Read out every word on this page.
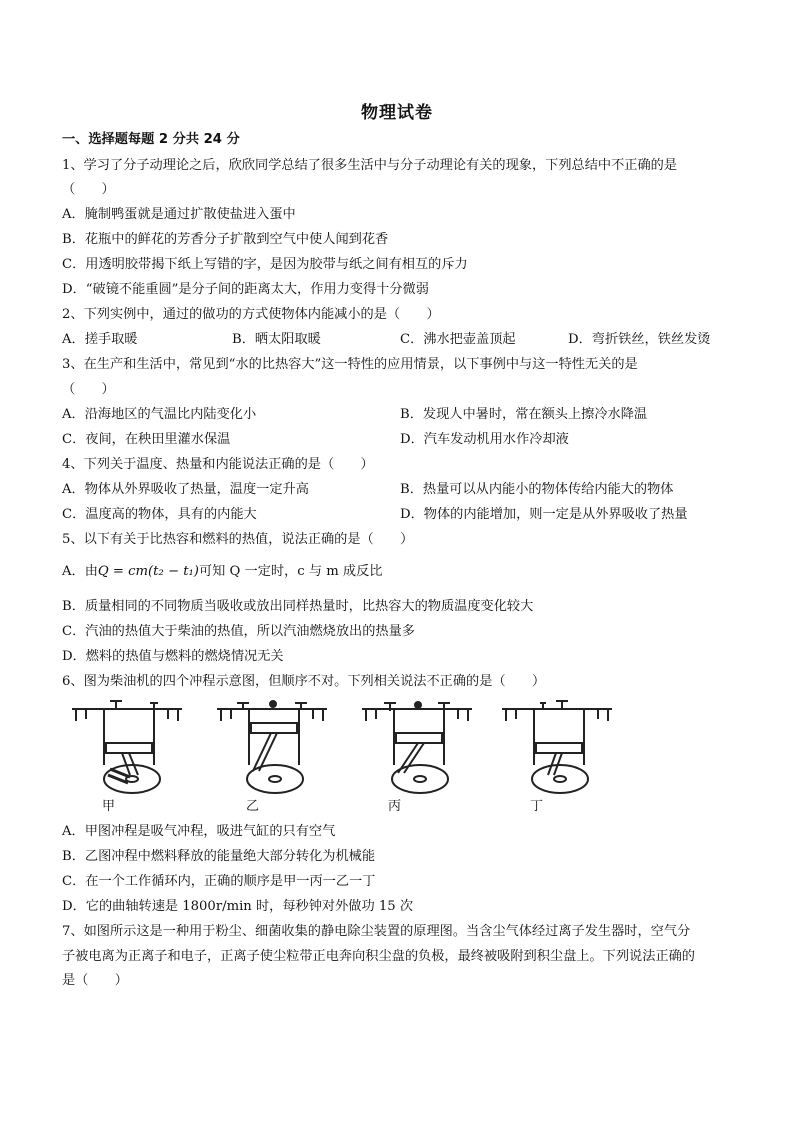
物理试卷
一、选择题每题 2 分共 24 分
1、学习了分子动理论之后，欣欣同学总结了很多生活中与分子动理论有关的现象，下列总结中不正确的是
（　　）
A．腌制鸭蛋就是通过扩散使盐进入蛋中
B．花瓶中的鲜花的芳香分子扩散到空气中使人闻到花香
C．用透明胶带揭下纸上写错的字，是因为胶带与纸之间有相互的斥力
D．“破镜不能重圆”是分子间的距离太大，作用力变得十分微弱
2、下列实例中，通过的做功的方式使物体内能减小的是（　　）
A．搓手取暖	B．晒太阳取暖	C．沸水把壶盖顶起	D．弯折铁丝，铁丝发烫
3、在生产和生活中，常见到“水的比热容大”这一特性的应用情景，以下事例中与这一特性无关的是
（　　）
A．沿海地区的气温比内陆变化小	B．发现人中暑时，常在额头上擦冷水降温
C．夜间，在秧田里灌水保温	D．汽车发动机用水作冷却液
4、下列关于温度、热量和内能说法正确的是（　　）
A．物体从外界吸收了热量，温度一定升高	B．热量可以从内能小的物体传给内能大的物体
C．温度高的物体，具有的内能大	D．物体的内能增加，则一定是从外界吸收了热量
5、以下有关于比热容和燃料的热值，说法正确的是（　　）
A．由Q = cm(t₂ − t₁)可知 Q 一定时，c 与 m 成反比
B．质量相同的不同物质当吸收或放出同样热量时，比热容大的物质温度变化较大
C．汽油的热值大于柴油的热值，所以汽油燃烧放出的热量多
D．燃料的热值与燃料的燃烧情况无关
6、图为柴油机的四个冲程示意图，但顺序不对。下列相关说法不正确的是（　　）
甲	乙	丙	丁
A．甲图冲程是吸气冲程，吸进气缸的只有空气
B．乙图冲程中燃料释放的能量绝大部分转化为机械能
C．在一个工作循环内，正确的顺序是甲一丙一乙一丁
D．它的曲轴转速是 1800r/min 时，每秒钟对外做功 15 次
7、如图所示这是一种用于粉尘、细菌收集的静电除尘装置的原理图。当含尘气体经过离子发生器时，空气分
子被电离为正离子和电子，正离子使尘粒带正电奔向积尘盘的负极，最终被吸附到积尘盘上。下列说法正确的
是（　　）
